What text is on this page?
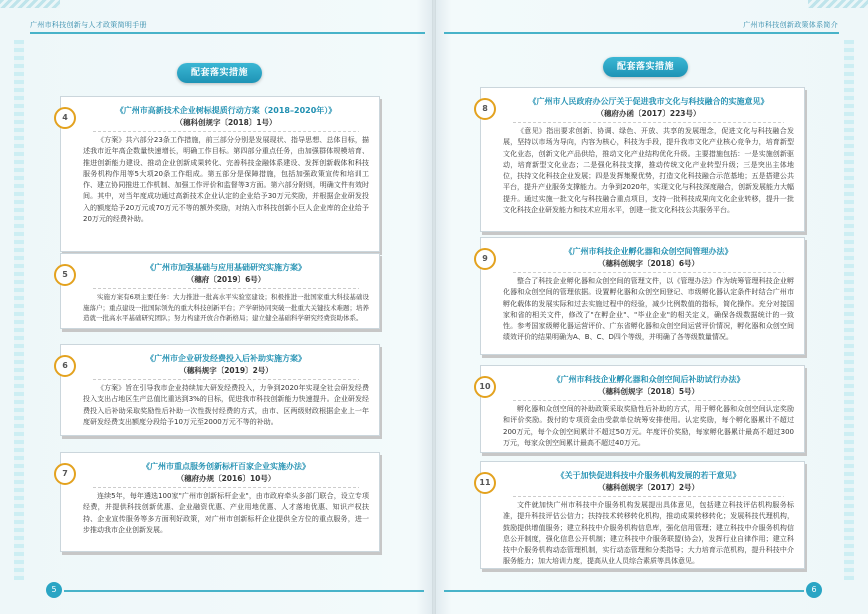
广州市科技创新与人才政策简明手册	广州市科技创新政策体系简介
配套落实措施
配套落实措施
4
《广州市高新技术企业树标提质行动方案（2018–2020年）》
（穗科创规字〔2018〕1号）
《方案》共六部分23条工作措施，前三部分分别是发展现状、指导思想、总体目标，描述我市近年高企数量快速增长，明确工作目标。第四部分重点任务，由加强群体规模培育、推进创新能力建设、推动企业创新成果转化、完善科技金融体系建设、发挥创新载体和科技服务机构作用等5大项20条工作组成。第五部分是保障措施，包括加强政策宣传和培训工作、建立协同推进工作机制、加强工作评价和监督等3方面。第六部分附则，明确文件有效时间。其中，对当年度成功通过高新技术企业认定的企业给予30万元奖励，并根据企业研发投入的额度给予20万元或70万元不等的额外奖励，对纳入市科技创新小巨人企业库的企业给予20万元的经费补助。
5
《广州市加强基础与应用基础研究实施方案》
（穗府〔2019〕6号）
实施方案有6项主要任务：大力推进一批高水平实验室建设；积极推进一批国家重大科技基础设施落户；重点建设一批国际领先的重大科技创新平台；产学研协同突破一批重大关键技术难题；培养造就一批高水平基础研究团队；努力构建开放合作新格局；建立健全基础科学研究经费资助体系。
6
《广州市企业研发经费投入后补助实施方案》
（穗科规字〔2019〕2号）
《方案》旨在引导我市企业持续加大研发经费投入，力争到2020年实现全社会研发经费投入支出占地区生产总值比重达到3%的目标，促进我市科技创新能力快速提升。企业研发经费投入后补助采取奖励性后补助一次性拨付经费的方式，由市、区两级财政根据企业上一年度研发经费支出额度分段给予10万元至2000万元不等的补助。
7
《广州市重点服务创新标杆百家企业实施办法》
（穗府办规〔2016〕10号）
连续5年，每年遴选100家"广州市创新标杆企业"，由市政府牵头多部门联合，设立专项经费，并提供科技创新优惠、企业融资优惠、产业用地优惠、人才落地优惠、知识产权扶持、企业宣传服务等多方面利好政策，对广州市创新标杆企业提供全方位的重点服务，进一步推动我市企业创新发展。
8
《广州市人民政府办公厅关于促进我市文化与科技融合的实施意见》
（穗府办函〔2017〕223号）
《意见》指出要求创新、协调、绿色、开放、共享的发展理念，促进文化与科技融合发展，坚持以市场为导向，内容为核心，科技为手段，提升我市文化产业核心竞争力，培育新型文化业态，创新文化产品供给，推动文化产业结构优化升级。主要措施包括：一是实施创新驱动，培育新型文化业态；二是强化科技支撑，推动传统文化产业转型升级；三是突出主体地位，扶持文化科技企业发展；四是发挥集聚优势，打造文化科技融合示范基地；五是搭建公共平台，提升产业服务支撑能力。力争到2020年，实现文化与科技深度融合，创新发展能力大幅提升。通过实施一批文化与科技融合重点项目，支持一批科技成果向文化企业转移，提升一批文化科技企业研发能力和技术应用水平，创建一批文化科技公共服务平台。
9
《广州市科技企业孵化器和众创空间管理办法》
（穗科创规字〔2018〕6号）
整合了科技企业孵化器和众创空间的管理文件，以《管理办法》作为统筹管理科技企业孵化器和众创空间的管理依据。设置孵化器和众创空间登记、市级孵化器认定条件时结合广州市孵化载体的发展实际和过去实施过程中的经验，减少比例数值的指标，简化操作。充分对接国家和省的相关文件，修改了"在孵企业"、"毕业企业"的相关定义，确保各级数据统计的一致性。参考国家级孵化器运营评价、广东省孵化器和众创空间运营评价情况，孵化器和众创空间绩效评价的结果明确为A、B、C、D四个等级，并明确了各等级数量情况。
10
《广州市科技企业孵化器和众创空间后补助试行办法》
（穗科创规字〔2018〕5号）
孵化器和众创空间的补助政策采取奖励性后补助的方式，用于孵化器和众创空间认定奖励和评价奖励。拨付的专项资金由受款单位统筹安排使用。认定奖励，每个孵化器累计不超过200万元，每个众创空间累计不超过50万元。年度评价奖励，每家孵化器累计最高不超过300万元，每家众创空间累计最高不超过40万元。
11
《关于加快促进科技中介服务机构发展的若干意见》
（穗科创规字〔2017〕2号）
文件就加快广州市科技中介服务机构发展提出具体意见，包括建立科技评估机构服务标准，提升科技评估公信力；扶持技术转移转化机构，推动成果转移转化；发展科技代理机构，鼓励提供增值服务；建立科技中介服务机构信息库，强化信用管理；建立科技中介服务机构信息公开制度，强化信息公开机制；建立科技中介服务联盟(协会)，发挥行业自律作用；建立科技中介服务机构动态管理机制，实行动态管理和分类指导；大力培育示范机构，提升科技中介服务能力；加大培训力度，提高从业人员综合素质等具体意见。
5	6
